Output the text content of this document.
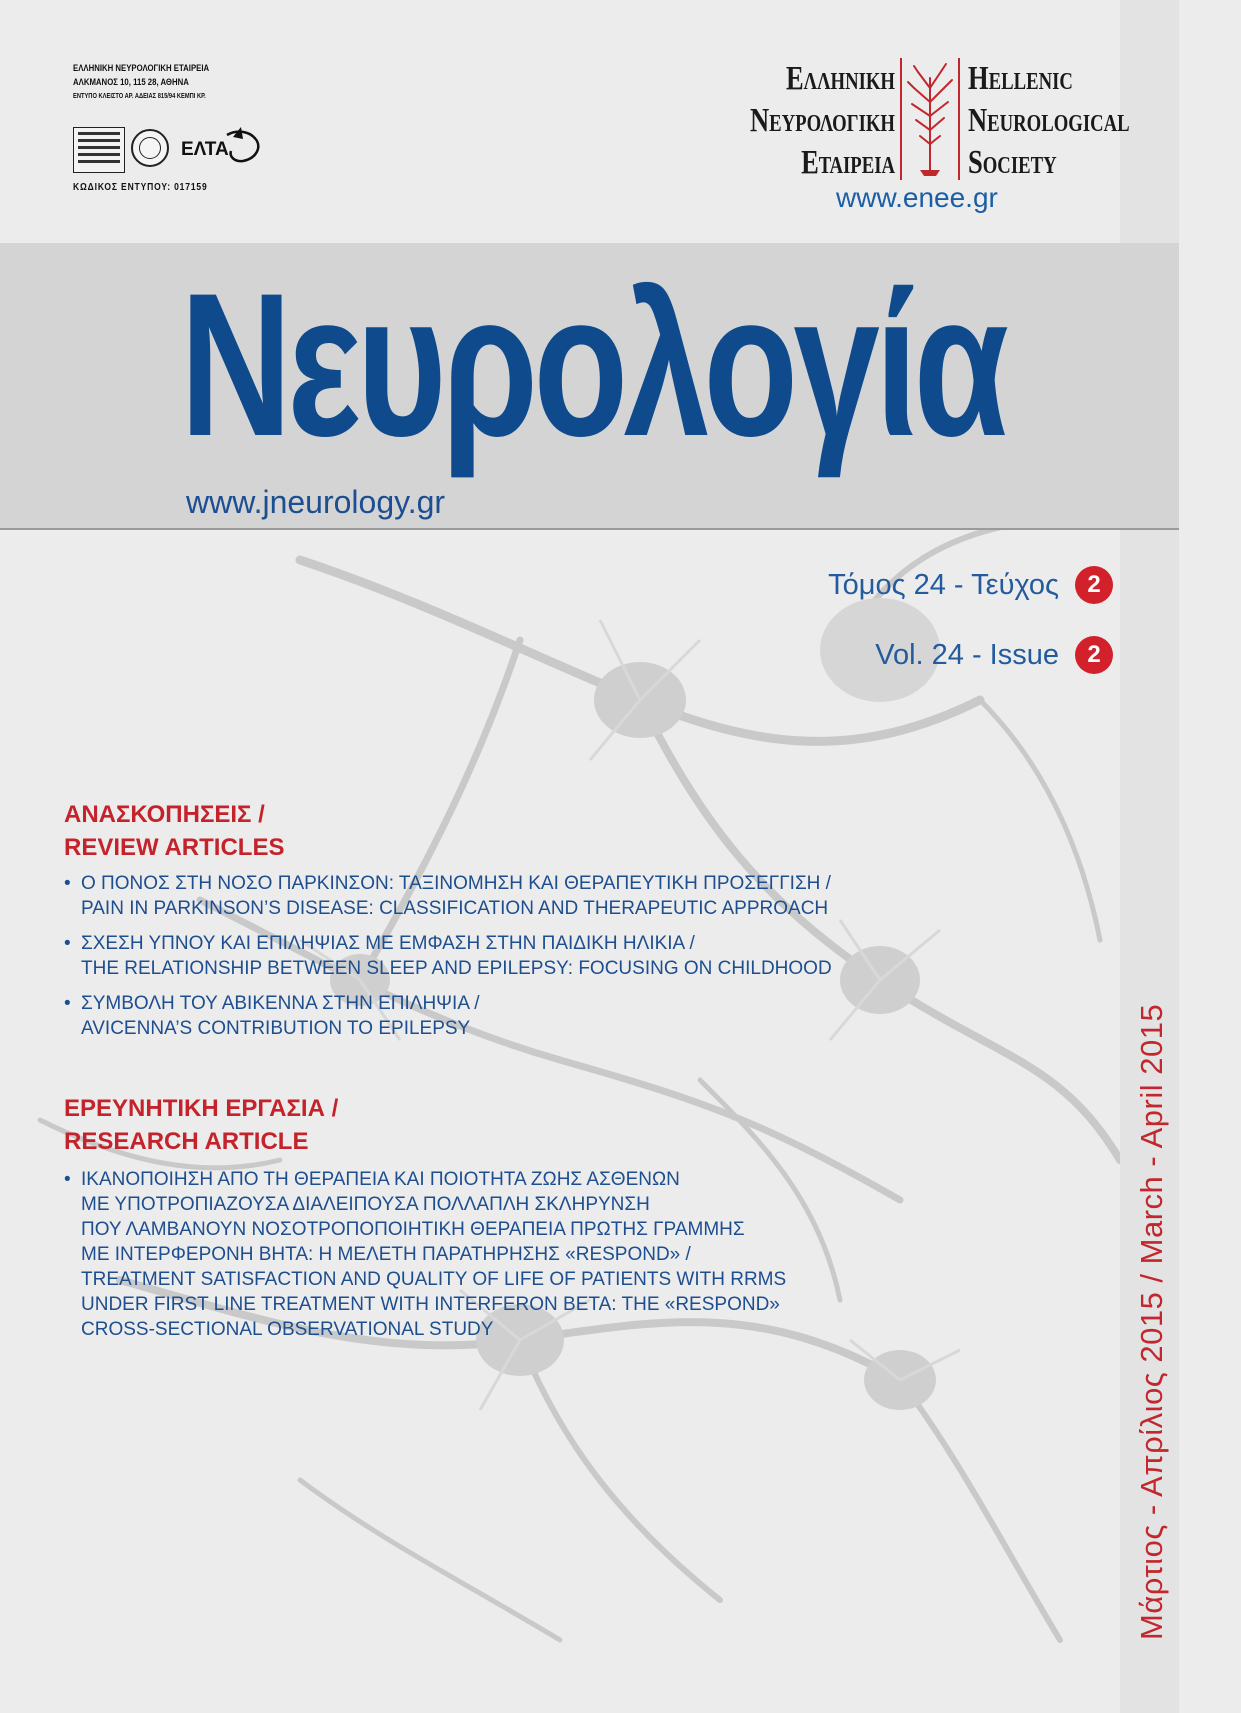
ΕΛΛΗΝΙΚΗ ΝΕΥΡΟΛΟΓΙΚΗ ΕΤΑΙΡΕΙΑ
ΑΛΚΜΑΝΟΣ 10, 115 28, ΑΘΗΝΑ
ΕΝΤΥΠΟ ΚΛΕΙΣΤΟ ΑΡ. ΑΔΕΙΑΣ 815/94 ΚΕΜΠΙ ΚΡ.
ΕΛΤΑ
ΚΩΔΙΚΟΣ ΕΝΤΥΠΟΥ: 017159
Ελληνικη
Νευρολογικη
Εταιρεια
Hellenic
Neurological
Society
www.enee.gr
Νευρολογία
www.jneurology.gr
Τόμος 24 - Τεύχος	2
Vol. 24 - Issue	2
Μάρτιος - Απρίλιος 2015 / March - April 2015
ΑΝΑΣΚΟΠΗΣΕΙΣ /
REVIEW ARTICLES
• Ο ΠΟΝΟΣ ΣΤΗ ΝΟΣΟ ΠΑΡΚΙΝΣΟΝ: ΤΑΞΙΝΟΜΗΣΗ ΚΑΙ ΘΕΡΑΠΕΥΤΙΚΗ ΠΡΟΣΕΓΓΙΣΗ /
PAIN IN PARKINSON’S DISEASE: CLASSIFICATION AND THERAPEUTIC APPROACH
• ΣΧΕΣΗ ΥΠΝΟΥ ΚΑΙ ΕΠΙΛΗΨΙΑΣ ΜΕ ΕΜΦΑΣΗ ΣΤΗΝ ΠΑΙΔΙΚΗ ΗΛΙΚΙΑ /
THE RELATIONSHIP BETWEEN SLEEP AND EPILEPSY: FOCUSING ON CHILDHOOD
• ΣΥΜΒΟΛΗ ΤΟΥ ΑΒΙΚΕΝΝΑ ΣΤΗΝ ΕΠΙΛΗΨΙΑ /
AVICENNA’S CONTRIBUTION TO EPILEPSY
ΕΡΕΥΝΗΤΙΚΗ ΕΡΓΑΣΙΑ /
RESEARCH ARTICLE
• ΙΚΑΝΟΠΟΙΗΣΗ ΑΠΟ ΤΗ ΘΕΡΑΠΕΙΑ ΚΑΙ ΠΟΙΟΤΗΤΑ ΖΩΗΣ ΑΣΘΕΝΩΝ
ΜΕ ΥΠΟΤΡΟΠΙΑΖΟΥΣΑ ΔΙΑΛΕΙΠΟΥΣΑ ΠΟΛΛΑΠΛΗ ΣΚΛΗΡΥΝΣΗ
ΠΟΥ ΛΑΜΒΑΝΟΥΝ ΝΟΣΟΤΡΟΠΟΠΟΙΗΤΙΚΗ ΘΕΡΑΠΕΙΑ ΠΡΩΤΗΣ ΓΡΑΜΜΗΣ
ΜΕ ΙΝΤΕΡΦΕΡΟΝΗ ΒΗΤΑ: Η ΜΕΛΕΤΗ ΠΑΡΑΤΗΡΗΣΗΣ «RESPOND» /
TREATMENT SATISFACTION AND QUALITY OF LIFE OF PATIENTS WITH RRMS
UNDER FIRST LINE TREATMENT WITH INTERFERON BETA: THE «RESPOND»
CROSS-SECTIONAL OBSERVATIONAL STUDY
